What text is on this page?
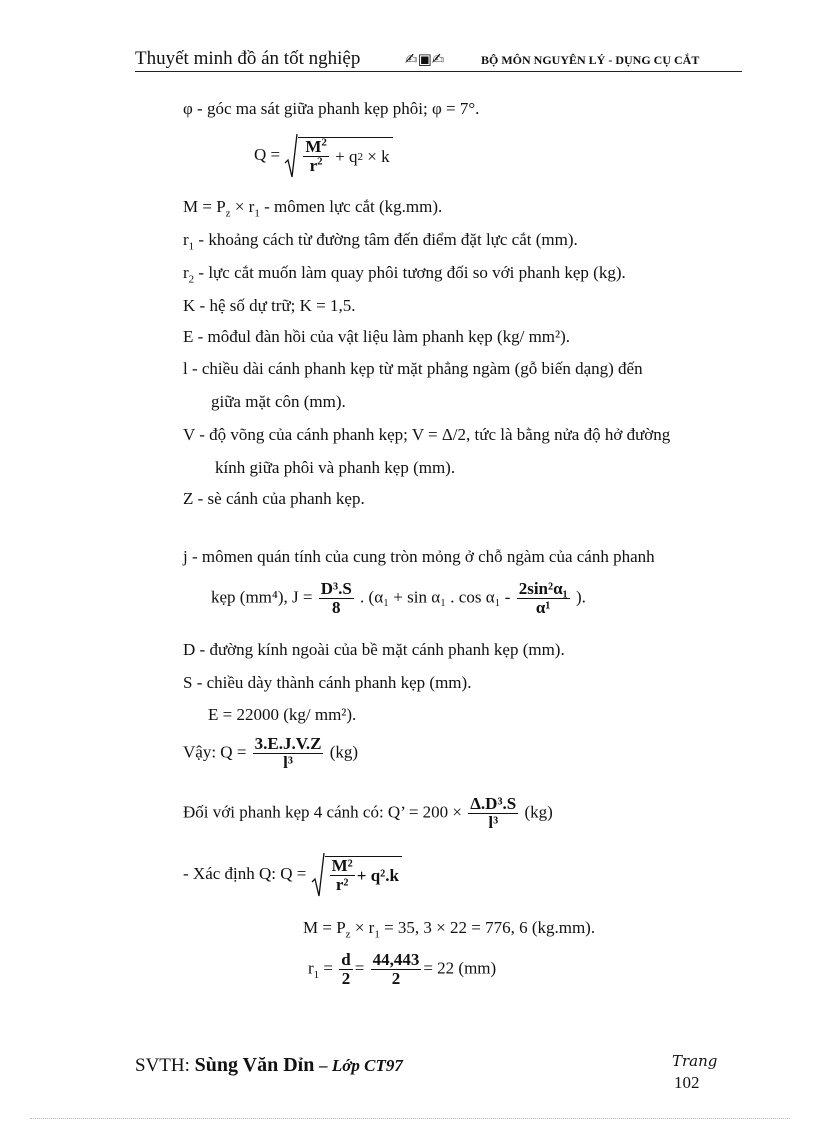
Thuyết minh đồ án tốt nghiệp	✍︎▣✍︎	BỘ MÔN NGUYÊN LÝ - DỤNG CỤ CẮT
φ - góc ma sát giữa phanh kẹp phôi; φ = 7°.
$Q = \frac{M^2}{r^2}$
+ q 2
× k
$M = P_z \times r_1$ - mômen lực cắt (kg.mm).
$r_1$ - khoảng cách từ đường tâm đến điểm đặt lực cắt (mm).
$r_2$ - lực cắt muốn làm quay phôi tương đối so với phanh kẹp (kg).
K - hệ số dự trữ; K = 1,5.
E - môđul đàn hồi của vật liệu làm phanh kẹp (kg/ mm²).
l - chiều dài cánh phanh kẹp từ mặt phẳng ngàm (gỗ biến dạng) đến
giữa mặt côn (mm).
V - độ võng của cánh phanh kẹp; V = Δ/2, tức là bằng nửa độ hở đường
kính giữa phôi và phanh kẹp (mm).
Z - sè cánh của phanh kẹp.
j - mômen quán tính của cung tròn mỏng ở chỗ ngàm của cánh phanh
kẹp (mm⁴), $J = \frac{\text{D³.S}}{8}$ . (α₁ + sin α₁ . $\cos \alpha_1 - \frac{\text{2sin²α₁}}{\text{α¹}}$ ).
D - đường kính ngoài của bề mặt cánh phanh kẹp (mm).
S - chiều dày thành cánh phanh kẹp (mm).
E = 22000 (kg/ mm²).
Vậy: $Q = \frac{3.E.J.V.Z}{\text{l³}} (kg)$
Đối với phanh kẹp 4 cánh có: Q’ = $200 \times \frac{\text{Δ.D³.S}}{\text{l³}} (kg)$
- Xác định Q: $Q = \frac{\text{M²}}{\text{r²}} + q^2.k$
$M = P_z \times r_1 = 35$, 3 × 22 = 776, 6 (kg.mm).
$r_1 = \frac{d}{2} = \frac{44,443}{2} = 22$ (mm)
SVTH: Sùng Văn Dỉn – Lớp CT97	Trang
102
